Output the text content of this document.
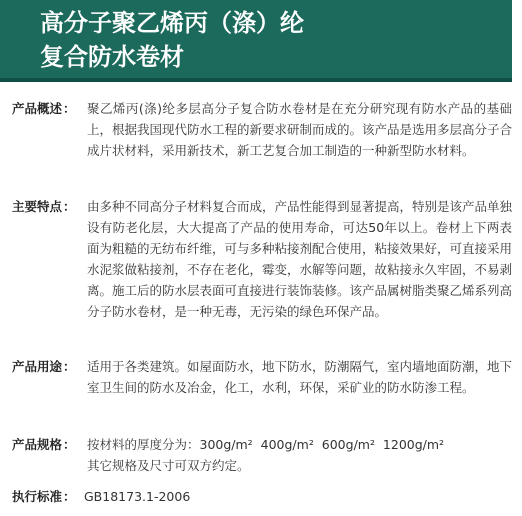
高分子聚乙烯丙（涤）纶
复合防水卷材
产品概述： 聚乙烯丙(涤)纶多层高分子复合防水卷材是在充分研究现有防水产品的基础上，根据我国现代防水工程的新要求研制而成的。该产品是选用多层高分子合成片状材料，采用新技术，新工艺复合加工制造的一种新型防水材料。
主要特点： 由多种不同高分子材料复合而成，产品性能得到显著提高，特别是该产品单独设有防老化层，大大提高了产品的使用寿命，可达50年以上。卷材上下两表面为粗糙的无纺布纤维，可与多种粘接剂配合使用，粘接效果好，可直接采用水泥浆做粘接剂，不存在老化，霉变，水解等问题，故粘接永久牢固，不易剥离。施工后的防水层表面可直接进行装饰装修。该产品属树脂类聚乙烯系列高分子防水卷材，是一种无毒，无污染的绿色环保产品。
产品用途： 适用于各类建筑。如屋面防水，地下防水，防潮隔气，室内墙地面防潮，地下室卫生间的防水及冶金，化工，水利，环保，采矿业的防水防渗工程。
产品规格： 按材料的厚度分为：300g/m²  400g/m²  600g/m²  1200g/m²
其它规格及尺寸可双方约定。
执行标准： GB18173.1-2006
